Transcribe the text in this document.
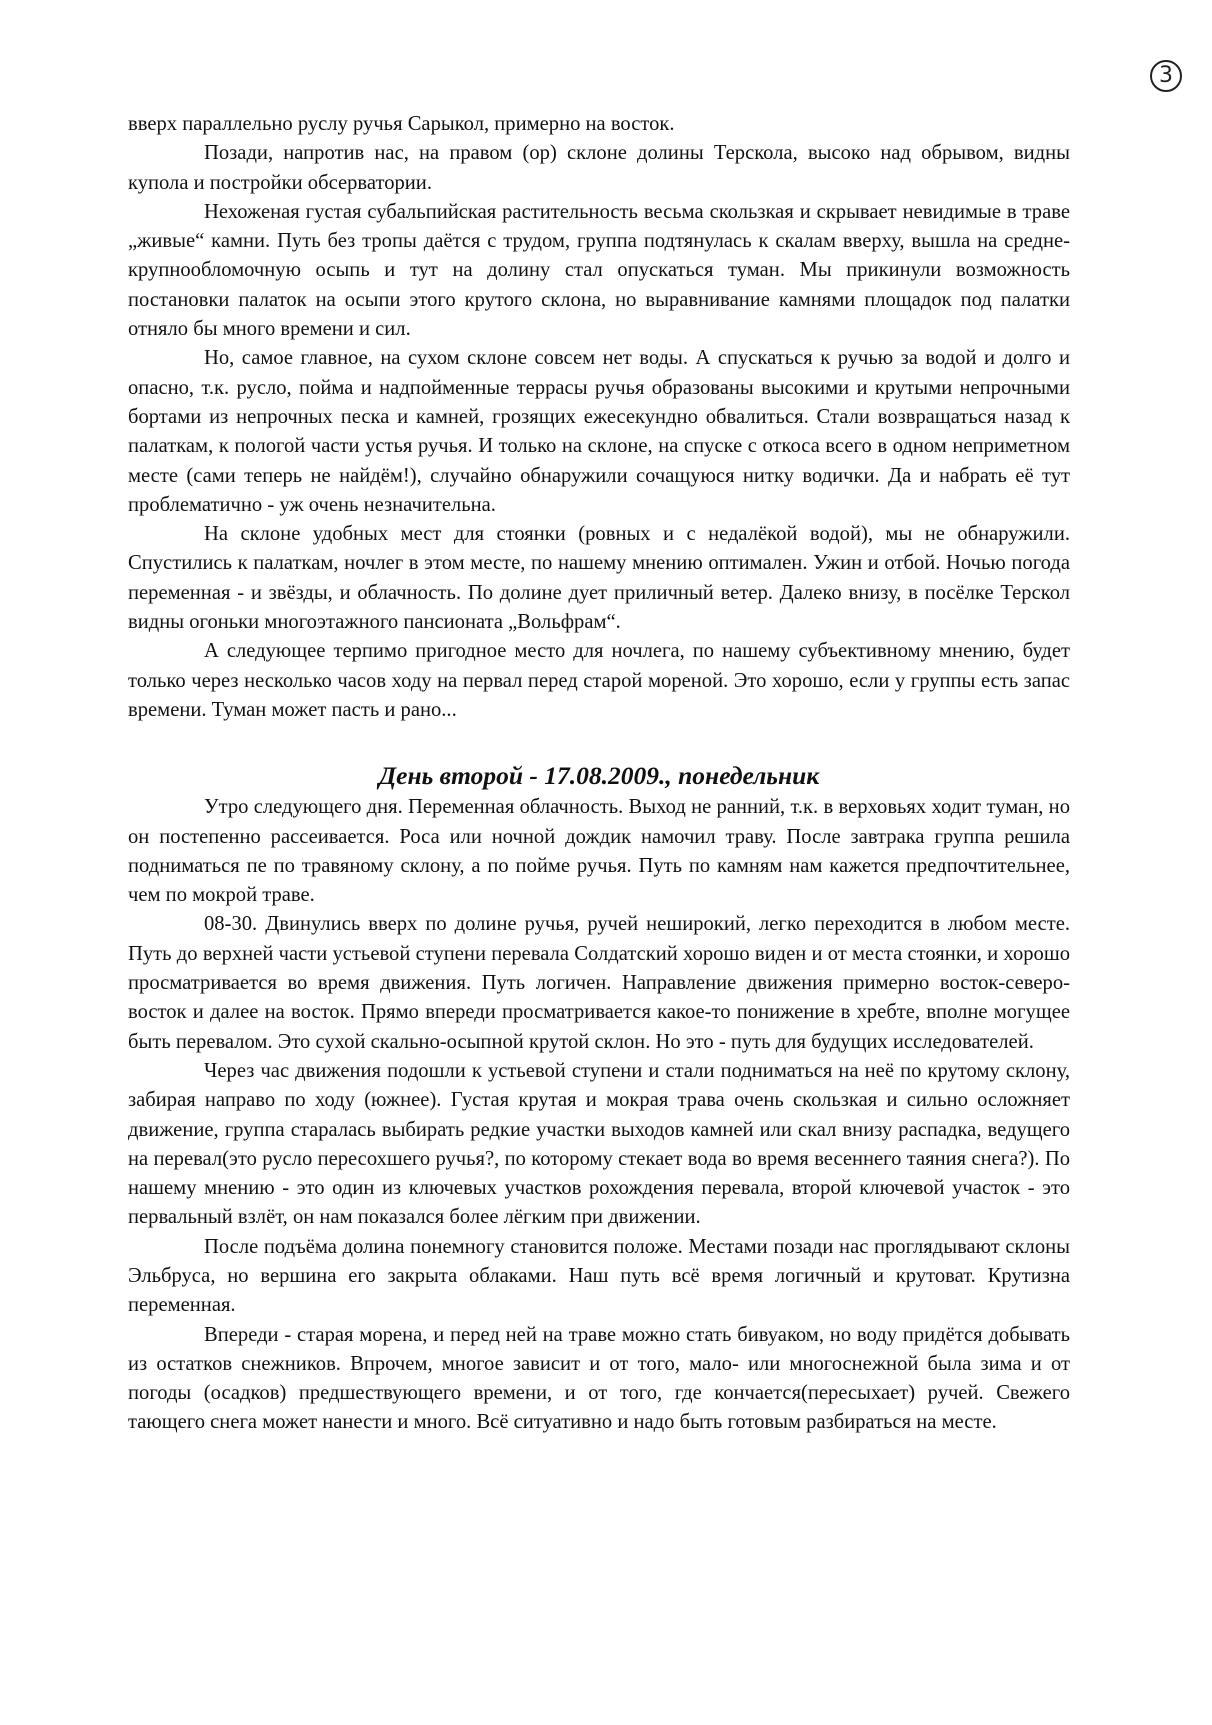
3

вверх параллельно руслу ручья Сарыкол, примерно на восток.

Позади, напротив нас, на правом (ор) склоне долины Терскола, высоко над обрывом, видны купола и постройки обсерватории.

Нехоженая густая субальпийская растительность весьма скользкая и скрывает невидимые в траве „живые“ камни. Путь без тропы даётся с трудом, группа подтянулась к скалам вверху, вышла на средне-крупнообломочную осыпь и тут на долину стал опускаться туман. Мы прикинули возможность постановки палаток на осыпи этого крутого склона, но выравнивание камнями площадок под палатки отняло бы много времени и сил.

Но, самое главное, на сухом склоне совсем нет воды. А спускаться к ручью за водой и долго и опасно, т.к. русло, пойма и надпойменные террасы ручья образованы высокими и крутыми непрочными бортами из непрочных песка и камней, грозящих ежесекундно обвалиться. Стали возвращаться назад к палаткам, к пологой части устья ручья. И только на склоне, на спуске с откоса всего в одном неприметном месте (сами теперь не найдём!), случайно обнаружили сочащуюся нитку водички. Да и набрать её тут проблематично - уж очень незначительна.

На склоне удобных мест для стоянки (ровных и с недалёкой водой), мы не обнаружили. Спустились к палаткам, ночлег в этом месте, по нашему мнению оптимален. Ужин и отбой. Ночью погода переменная - и звёзды, и облачность. По долине дует приличный ветер. Далеко внизу, в посёлке Терскол видны огоньки многоэтажного пансионата „Вольфрам“.

А следующее терпимо пригодное место для ночлега, по нашему субъективному мнению, будет только через несколько часов ходу на первал перед старой мореной. Это хорошо, если у группы есть запас времени. Туман может пасть и рано...

День второй - 17.08.2009., понедельник

Утро следующего дня. Переменная облачность. Выход не ранний, т.к. в верховьях ходит туман, но он постепенно рассеивается. Роса или ночной дождик намочил траву. После завтрака группа решила подниматься пе по травяному склону, а по пойме ручья. Путь по камням нам кажется предпочтительнее, чем по мокрой траве.

08-30. Двинулись вверх по долине ручья, ручей неширокий, легко переходится в любом месте. Путь до верхней части устьевой ступени перевала Солдатский хорошо виден и от места стоянки, и хорошо просматривается во время движения. Путь логичен. Направление движения примерно восток-северо-восток и далее на восток. Прямо впереди просматривается какое-то понижение в хребте, вполне могущее быть перевалом. Это сухой скально-осыпной крутой склон. Но это - путь для будущих исследователей.

Через час движения подошли к устьевой ступени и стали подниматься на неё по крутому склону, забирая направо по ходу (южнее). Густая крутая и мокрая трава очень скользкая и сильно осложняет движение, группа старалась выбирать редкие участки выходов камней или скал внизу распадка, ведущего на перевал(это русло пересохшего ручья?, по которому стекает вода во время весеннего таяния снега?). По нашему мнению - это один из ключевых участков рохождения перевала, второй ключевой участок - это первальный взлёт, он нам показался более лёгким при движении.

После подъёма долина понемногу становится положе. Местами позади нас проглядывают склоны Эльбруса, но вершина его закрыта облаками. Наш путь всё время логичный и крутоват. Крутизна переменная.

Впереди - старая морена, и перед ней на траве можно стать бивуаком, но воду придётся добывать из остатков снежников. Впрочем, многое зависит и от того, мало- или многоснежной была зима и от погоды (осадков) предшествующего времени, и от того, где кончается(пересыхает) ручей. Свежего тающего снега может нанести и много. Всё ситуативно и надо быть готовым разбираться на месте.
